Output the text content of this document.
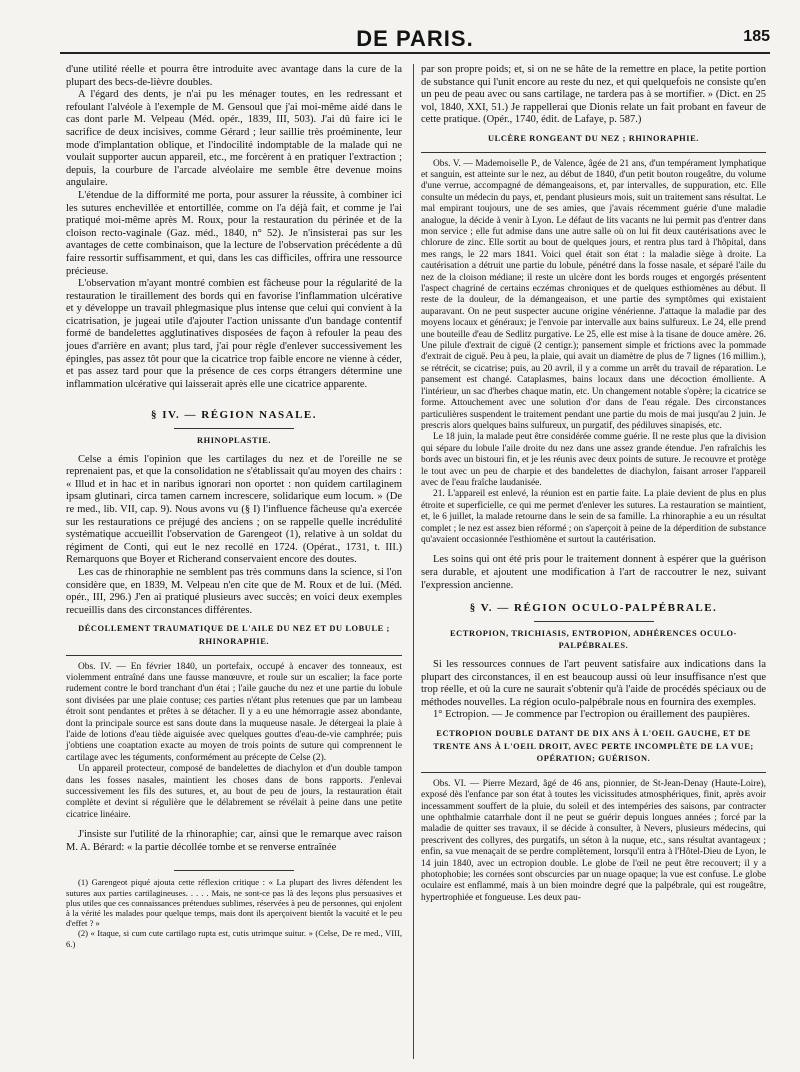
DE PARIS.	185

d'une utilité réelle et pourra être introduite avec avantage dans la cure de la plupart des becs-de-lièvre doubles.

A l'égard des dents, je n'ai pu les ménager toutes, en les redressant et refoulant l'alvéole à l'exemple de M. Gensoul que j'ai moi-même aidé dans le cas dont parle M. Velpeau (Méd. opér., 1839, III, 503). J'ai dû faire ici le sacrifice de deux incisives, comme Gérard ; leur saillie très proéminente, leur mode d'implantation oblique, et l'indocilité indomptable de la malade qui ne voulait supporter aucun appareil, etc., me forcèrent à en pratiquer l'extraction ; depuis, la courbure de l'arcade alvéolaire me semble être devenue moins angulaire.

L'étendue de la difformité me porta, pour assurer la réussite, à combiner ici les sutures enchevillée et entortillée, comme on l'a déjà fait, et comme je l'ai pratiqué moi-même après M. Roux, pour la restauration du périnée et de la cloison recto-vaginale (Gaz. méd., 1840, n° 52). Je n'insisterai pas sur les avantages de cette combinaison, que la lecture de l'observation précédente a dû faire ressortir suffisamment, et qui, dans les cas difficiles, offrira une ressource précieuse.

L'observation m'ayant montré combien est fâcheuse pour la régularité de la restauration le tiraillement des bords qui en favorise l'inflammation ulcérative et y développe un travail phlegmasique plus intense que celui qui convient à la cicatrisation, je jugeai utile d'ajouter l'action unissante d'un bandage contentif formé de bandelettes agglutinatives disposées de façon à refouler la peau des joues d'arrière en avant; plus tard, j'ai pour règle d'enlever successivement les épingles, pas assez tôt pour que la cicatrice trop faible encore ne vienne à céder, et pas assez tard pour que la présence de ces corps étrangers détermine une inflammation ulcérative qui laisserait après elle une cicatrice apparente.

§ IV. — RÉGION NASALE.
RHINOPLASTIE.

Celse a émis l'opinion que les cartilages du nez et de l'oreille ne se reprenaient pas, et que la consolidation ne s'établissait qu'au moyen des chairs : « Illud et in hac et in naribus ignorari non oportet : non quidem cartilaginem ipsam glutinari, circa tamen carnem increscere, solidarique eum locum. » (De re med., lib. VII, cap. 9). Nous avons vu (§ I) l'influence fâcheuse qu'a exercée sur les restaurations ce préjugé des anciens ; on se rappelle quelle incrédulité systématique accueillit l'observation de Garengeot (1), relative à un soldat du régiment de Conti, qui eut le nez recollé en 1724. (Opérat., 1731, t. III.) Remarquons que Boyer et Richerand conservaient encore des doutes.

Les cas de rhinoraphie ne semblent pas très communs dans la science, si l'on considère que, en 1839, M. Velpeau n'en cite que de M. Roux et de lui. (Méd. opér., III, 296.) J'en ai pratiqué plusieurs avec succès; en voici deux exemples recueillis dans des circonstances différentes.

DÉCOLLEMENT TRAUMATIQUE DE L'AILE DU NEZ ET DU LOBULE ; RHINORAPHIE.

Obs. IV. — En février 1840, un portefaix, occupé à encaver des tonneaux, est violemment entraîné dans une fausse manœuvre, et roule sur un escalier; la face porte rudement contre le bord tranchant d'un étai ; l'aile gauche du nez et une partie du lobule sont divisées par une plaie contuse; ces parties n'étant plus retenues que par un lambeau étroit sont pendantes et prêtes à se détacher. Il y a eu une hémorragie assez abondante, dont la principale source est sans doute dans la muqueuse nasale. Je détergeai la plaie à l'aide de lotions d'eau tiède aiguisée avec quelques gouttes d'eau-de-vie camphrée; puis j'obtiens une coaptation exacte au moyen de trois points de suture qui comprennent le cartilage avec les téguments, conformément au précepte de Celse (2).

Un appareil protecteur, composé de bandelettes de diachylon et d'un double tampon dans les fosses nasales, maintient les choses dans de bons rapports. J'enlevai successivement les fils des sutures, et, au bout de peu de jours, la restauration était complète et devint si régulière que le délabrement se révélait à peine dans une petite cicatrice linéaire.

J'insiste sur l'utilité de la rhinoraphie; car, ainsi que le remarque avec raison M. A. Bérard: « la partie décollée tombe et se renverse entraînée

(1) Garengeot piqué ajouta cette réflexion critique : « La plupart des livres défendent les sutures aux parties cartilagineuses. . . . . Mais, ne sont-ce pas là des leçons plus persuasives et plus utiles que ces connaissances prétendues sublimes, réservées à peu de personnes, qui enjolent à la vérité les malades pour quelque temps, mais dont ils aperçoivent bientôt la vacuité et le peu d'effet ? »

(2) « Itaque, si cum cute cartilago rupta est, cutis utrimque suitur. » (Celse, De re med., VIII, 6.)

par son propre poids; et, si on ne se hâte de la remettre en place, la petite portion de substance qui l'unit encore au reste du nez, et qui quelquefois ne consiste qu'en un peu de peau avec ou sans cartilage, ne tardera pas à se mortifier. » (Dict. en 25 vol, 1840, XXI, 51.) Je rappellerai que Dionis relate un fait probant en faveur de cette pratique. (Opér., 1740, édit. de Lafaye, p. 587.)

ULCÈRE RONGEANT DU NEZ ; RHINORAPHIE.

Obs. V. — Mademoiselle P., de Valence, âgée de 21 ans, d'un tempérament lymphatique et sanguin, est atteinte sur le nez, au début de 1840, d'un petit bouton rougeâtre, du volume d'une verrue, accompagné de démangeaisons, et, par intervalles, de suppuration, etc. Elle consulte un médecin du pays, et, pendant plusieurs mois, suit un traitement sans résultat. Le mal empirant toujours, une de ses amies, que j'avais récemment guérie d'une maladie analogue, la décide à venir à Lyon. Le défaut de lits vacants ne lui permit pas d'entrer dans mon service ; elle fut admise dans une autre salle où on lui fit deux cautérisations avec le chlorure de zinc. Elle sortit au bout de quelques jours, et rentra plus tard à l'hôpital, dans mes rangs, le 22 mars 1841. Voici quel était son état : la maladie siège à droite. La cautérisation a détruit une partie du lobule, pénétré dans la fosse nasale, et séparé l'aile du nez de la cloison médiane; il reste un ulcère dont les bords rouges et engorgés présentent l'aspect chagriné de certains eczémas chroniques et de quelques esthiomènes au début. Il reste de la douleur, de la démangeaison, et une partie des symptômes qui existaient auparavant. On ne peut suspecter aucune origine vénérienne. J'attaque la maladie par des moyens locaux et généraux; je l'envoie par intervalle aux bains sulfureux. Le 24, elle prend une bouteille d'eau de Sedlitz purgative. Le 25, elle est mise à la tisane de douce amère. 26. Une pilule d'extrait de ciguë (2 centigr.); pansement simple et frictions avec la pommade d'extrait de ciguë. Peu à peu, la plaie, qui avait un diamètre de plus de 7 lignes (16 millim.), se rétrécit, se cicatrise; puis, au 20 avril, il y a comme un arrêt du travail de réparation. Le pansement est changé. Cataplasmes, bains locaux dans une décoction émolliente. A l'intérieur, un sac d'herbes chaque matin, etc. Un changement notable s'opère; la cicatrice se forme. Attouchement avec une solution d'or dans de l'eau régale. Des circonstances particulières suspendent le traitement pendant une partie du mois de mai jusqu'au 2 juin. Je prescris alors quelques bains sulfureux, un purgatif, des pédiluves sinapisés, etc.

Le 18 juin, la malade peut être considérée comme guérie. Il ne reste plus que la division qui sépare du lobule l'aile droite du nez dans une assez grande étendue. J'en rafraîchis les bords avec un bistouri fin, et je les réunis avec deux points de suture. Je recouvre et protège le tout avec un peu de charpie et des bandelettes de diachylon, faisant arroser l'appareil avec de l'eau fraîche laudanisée.

21. L'appareil est enlevé, la réunion est en partie faite. La plaie devient de plus en plus étroite et superficielle, ce qui me permet d'enlever les sutures. La restauration se maintient, et, le 6 juillet, la malade retourne dans le sein de sa famille. La rhinoraphie a eu un résultat complet ; le nez est assez bien réformé ; on s'aperçoit à peine de la déperdition de substance qu'avaient occasionnée l'esthiomène et surtout la cautérisation.

Les soins qui ont été pris pour le traitement donnent à espérer que la guérison sera durable, et ajoutent une modification à l'art de raccoutrer le nez, suivant l'expression ancienne.

§ V. — RÉGION OCULO-PALPÉBRALE.
ECTROPION, TRICHIASIS, ENTROPION, ADHÉRENCES OCULO-PALPÉBRALES.

Si les ressources connues de l'art peuvent satisfaire aux indications dans la plupart des circonstances, il en est beaucoup aussi où leur insuffisance n'est que trop réelle, et où la cure ne saurait s'obtenir qu'à l'aide de procédés spéciaux ou de méthodes nouvelles. La région oculo-palpébrale nous en fournira des exemples.

1° Ectropion. — Je commence par l'ectropion ou éraillement des paupières.

ECTROPION DOUBLE DATANT DE DIX ANS À L'OEIL GAUCHE, ET DE TRENTE ANS À L'OEIL DROIT, AVEC PERTE INCOMPLÈTE DE LA VUE; OPÉRATION; GUÉRISON.

Obs. VI. — Pierre Mezard, âgé de 46 ans, pionnier, de St-Jean-Denay (Haute-Loire), exposé dès l'enfance par son état à toutes les vicissitudes atmosphériques, finit, après avoir incessamment souffert de la pluie, du soleil et des intempéries des saisons, par contracter une ophthalmie catarrhale dont il ne peut se guérir depuis longues années ; forcé par la maladie de quitter ses travaux, il se décide à consulter, à Nevers, plusieurs médecins, qui prescrivent des collyres, des purgatifs, un séton à la nuque, etc., sans résultat avantageux ; enfin, sa vue menaçait de se perdre complètement, lorsqu'il entra à l'Hôtel-Dieu de Lyon, le 14 juin 1840, avec un ectropion double. Le globe de l'œil ne peut être recouvert; il y a photophobie; les cornées sont obscurcies par un nuage opaque; la vue est confuse. Le globe oculaire est enflammé, mais à un bien moindre degré que la palpébrale, qui est rougeâtre, hypertrophiée et fongueuse. Les deux pau-
